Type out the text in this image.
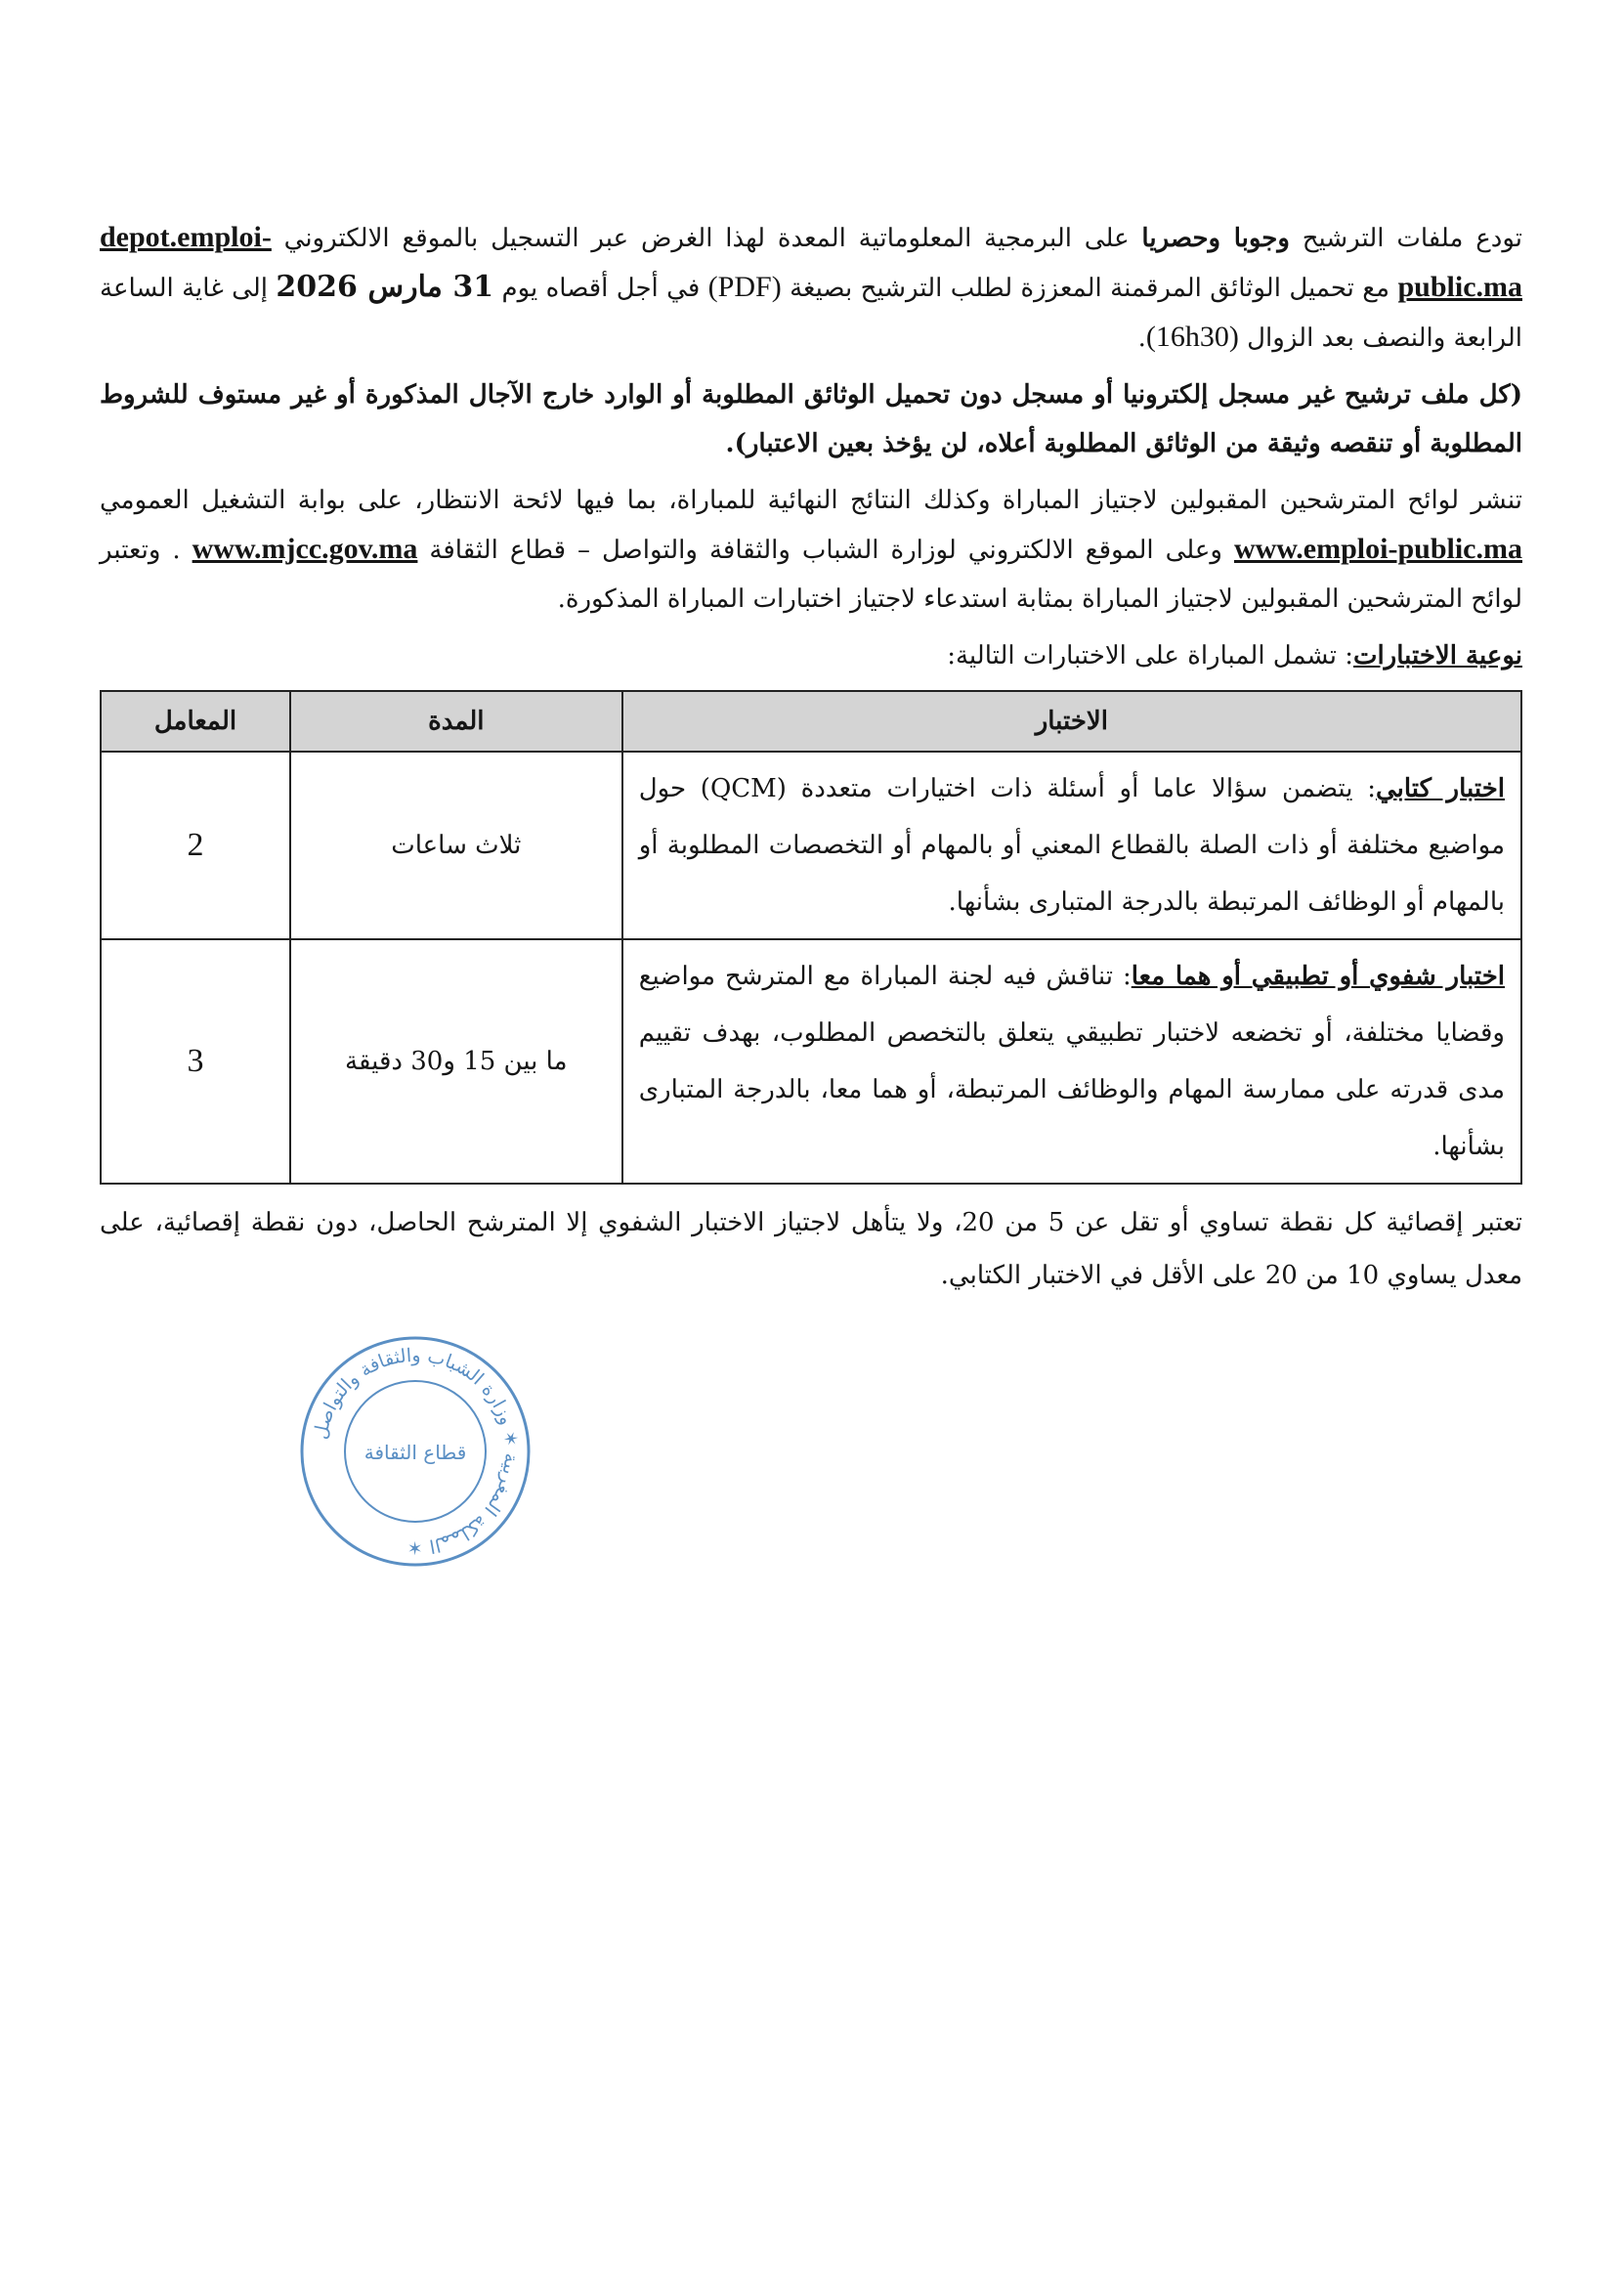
تودع ملفات الترشيح وجوبا وحصريا على البرمجية المعلوماتية المعدة لهذا الغرض عبر التسجيل بالموقع الالكتروني depot.emploi-public.ma مع تحميل الوثائق المرقمنة المعززة لطلب الترشيح بصيغة (PDF) في أجل أقصاه يوم 31 مارس 2026 إلى غاية الساعة الرابعة والنصف بعد الزوال (16h30).

(كل ملف ترشيح غير مسجل إلكترونيا أو مسجل دون تحميل الوثائق المطلوبة أو الوارد خارج الآجال المذكورة أو غير مستوف للشروط المطلوبة أو تنقصه وثيقة من الوثائق المطلوبة أعلاه، لن يؤخذ بعين الاعتبار).

تنشر لوائح المترشحين المقبولين لاجتياز المباراة وكذلك النتائج النهائية للمباراة، بما فيها لائحة الانتظار، على بوابة التشغيل العمومي www.emploi-public.ma وعلى الموقع الالكتروني لوزارة الشباب والثقافة والتواصل – قطاع الثقافة www.mjcc.gov.ma . وتعتبر لوائح المترشحين المقبولين لاجتياز المباراة بمثابة استدعاء لاجتياز اختبارات المباراة المذكورة.

نوعية الاختبارات: تشمل المباراة على الاختبارات التالية:

الاختبار	المدة	المعامل
اختبار كتابي: يتضمن سؤالا عاما أو أسئلة ذات اختيارات متعددة (QCM) حول مواضيع مختلفة أو ذات الصلة بالقطاع المعني أو بالمهام أو التخصصات المطلوبة أو بالمهام أو الوظائف المرتبطة بالدرجة المتبارى بشأنها.	ثلاث ساعات	2
اختبار شفوي أو تطبيقي أو هما معا: تناقش فيه لجنة المباراة مع المترشح مواضيع وقضايا مختلفة، أو تخضعه لاختبار تطبيقي يتعلق بالتخصص المطلوب، بهدف تقييم مدى قدرته على ممارسة المهام والوظائف المرتبطة، أو هما معا، بالدرجة المتبارى بشأنها.	ما بين 15 و30 دقيقة	3

تعتبر إقصائية كل نقطة تساوي أو تقل عن 5 من 20، ولا يتأهل لاجتياز الاختبار الشفوي إلا المترشح الحاصل، دون نقطة إقصائية، على معدل يساوي 10 من 20 على الأقل في الاختبار الكتابي.

المملكة المغربية ✶ وزارة الشباب والثقافة والتواصل ✶
قطاع الثقافة
